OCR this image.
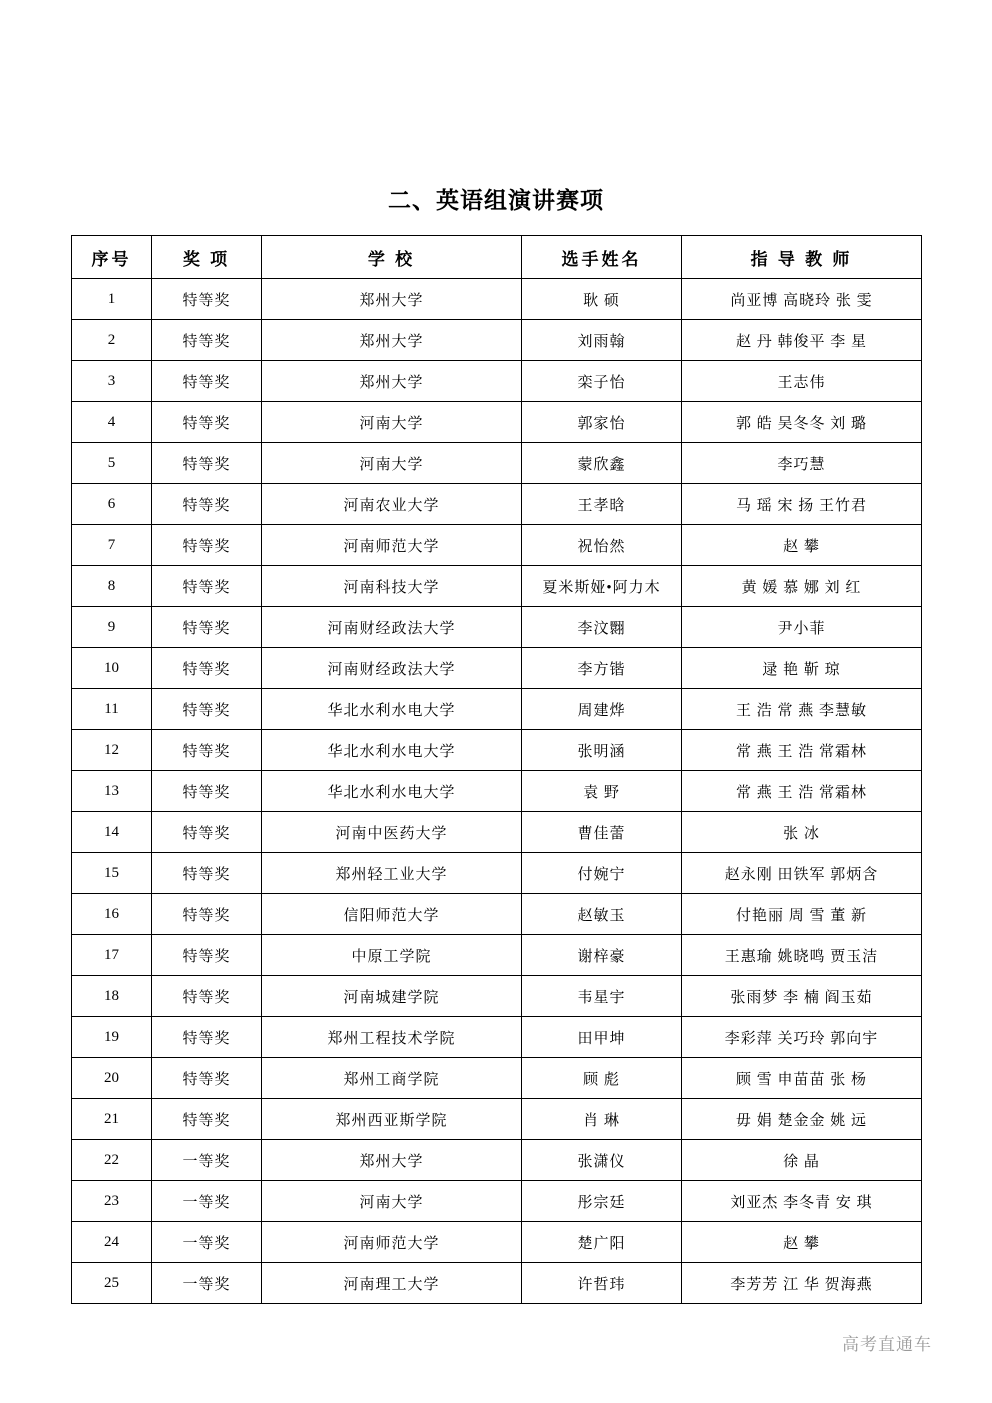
二、英语组演讲赛项
序号	奖 项	学 校	选手姓名	指 导 教 师
1	特等奖	郑州大学	耿 硕	尚亚博 高晓玲 张 雯
2	特等奖	郑州大学	刘雨翰	赵 丹 韩俊平 李 星
3	特等奖	郑州大学	栾子怡	王志伟
4	特等奖	河南大学	郭家怡	郭 皓 吴冬冬 刘 璐
5	特等奖	河南大学	蒙欣鑫	李巧慧
6	特等奖	河南农业大学	王孝晗	马 瑶 宋 扬 王竹君
7	特等奖	河南师范大学	祝怡然	赵 攀
8	特等奖	河南科技大学	夏米斯娅•阿力木	黄 媛 慕 娜 刘 红
9	特等奖	河南财经政法大学	李汶翾	尹小菲
10	特等奖	河南财经政法大学	李方锴	逯 艳 靳 琼
11	特等奖	华北水利水电大学	周建烨	王 浩 常 燕 李慧敏
12	特等奖	华北水利水电大学	张明涵	常 燕 王 浩 常霜林
13	特等奖	华北水利水电大学	袁 野	常 燕 王 浩 常霜林
14	特等奖	河南中医药大学	曹佳蕾	张 冰
15	特等奖	郑州轻工业大学	付婉宁	赵永刚 田铁军 郭炳含
16	特等奖	信阳师范大学	赵敏玉	付艳丽 周 雪 董 新
17	特等奖	中原工学院	谢梓豪	王惠瑜 姚晓鸣 贾玉洁
18	特等奖	河南城建学院	韦星宇	张雨梦 李 楠 阎玉茹
19	特等奖	郑州工程技术学院	田甲坤	李彩萍 关巧玲 郭向宇
20	特等奖	郑州工商学院	顾 彪	顾 雪 申苗苗 张 杨
21	特等奖	郑州西亚斯学院	肖 琳	毋 娟 楚金金 姚 远
22	一等奖	郑州大学	张潇仪	徐 晶
23	一等奖	河南大学	彤宗廷	刘亚杰 李冬青 安 琪
24	一等奖	河南师范大学	楚广阳	赵 攀
25	一等奖	河南理工大学	许哲玮	李芳芳 江 华 贺海燕
高考直通车
